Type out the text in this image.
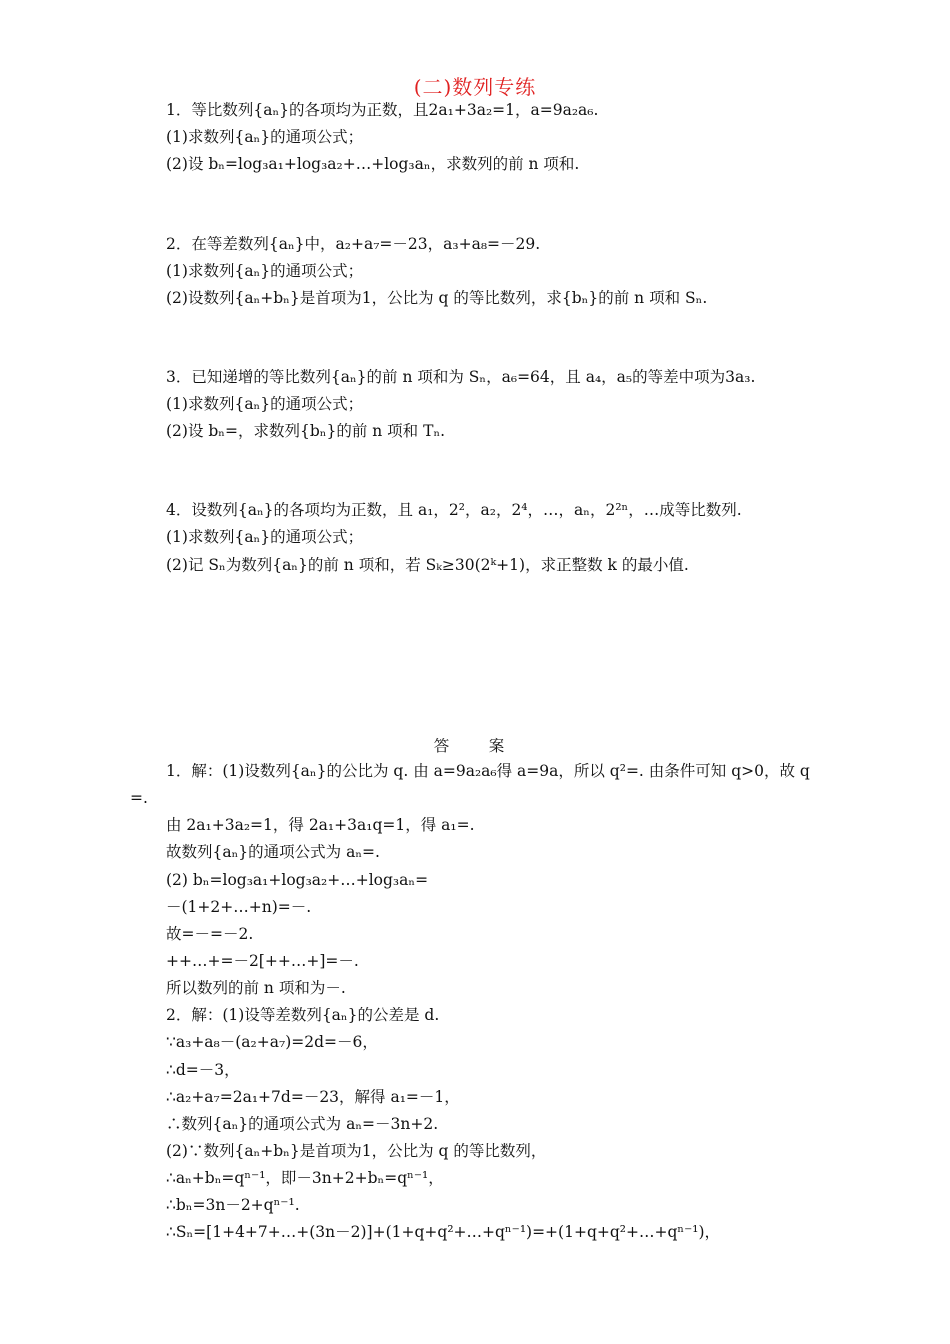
(二)数列专练
1．等比数列{aₙ}的各项均为正数，且2a₁+3a₂=1，a=9a₂a₆.
(1)求数列{aₙ}的通项公式；
(2)设 bₙ=log₃a₁+log₃a₂+…+log₃aₙ，求数列的前 n 项和.
2．在等差数列{aₙ}中，a₂+a₇=－23，a₃+a₈=－29.
(1)求数列{aₙ}的通项公式；
(2)设数列{aₙ+bₙ}是首项为1，公比为 q 的等比数列，求{bₙ}的前 n 项和 Sₙ.
3．已知递增的等比数列{aₙ}的前 n 项和为 Sₙ，a₆=64，且 a₄，a₅的等差中项为3a₃.
(1)求数列{aₙ}的通项公式；
(2)设 bₙ=，求数列{bₙ}的前 n 项和 Tₙ.
4．设数列{aₙ}的各项均为正数，且 a₁，2²，a₂，2⁴，…，aₙ，2²ⁿ，…成等比数列.
(1)求数列{aₙ}的通项公式；
(2)记 Sₙ为数列{aₙ}的前 n 项和，若 Sₖ≥30(2ᵏ+1)，求正整数 k 的最小值.
答　案
1．解：(1)设数列{aₙ}的公比为 q. 由 a=9a₂a₆得 a=9a，所以 q²=. 由条件可知 q>0，故 q
=.
由 2a₁+3a₂=1，得 2a₁+3a₁q=1，得 a₁=.
故数列{aₙ}的通项公式为 aₙ=.
(2) bₙ=log₃a₁+log₃a₂+…+log₃aₙ=
－(1+2+…+n)=－.
故=－=－2.
++…+=－2[++…+]=－.
所以数列的前 n 项和为－.
2．解：(1)设等差数列{aₙ}的公差是 d.
∵a₃+a₈－(a₂+a₇)=2d=－6，
∴d=－3，
∴a₂+a₇=2a₁+7d=－23，解得 a₁=－1，
∴数列{aₙ}的通项公式为 aₙ=－3n+2.
(2)∵数列{aₙ+bₙ}是首项为1，公比为 q 的等比数列，
∴aₙ+bₙ=qⁿ⁻¹，即－3n+2+bₙ=qⁿ⁻¹，
∴bₙ=3n－2+qⁿ⁻¹.
∴Sₙ=[1+4+7+…+(3n－2)]+(1+q+q²+…+qⁿ⁻¹)=+(1+q+q²+…+qⁿ⁻¹)，
